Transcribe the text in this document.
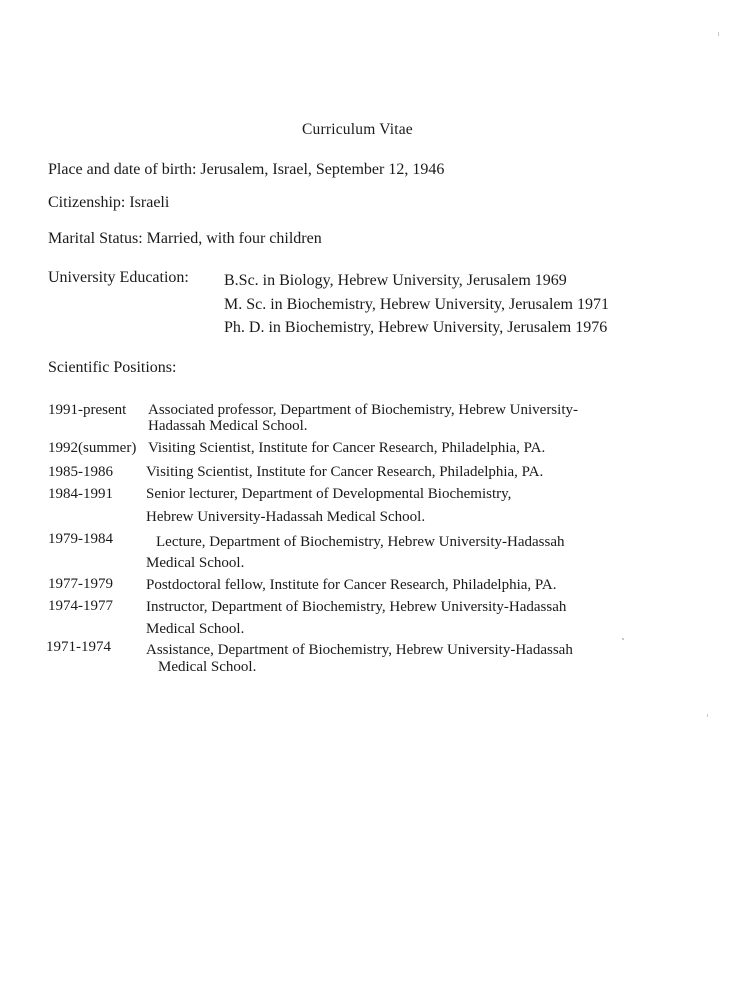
Curriculum Vitae
Place and date of birth: Jerusalem, Israel, September 12, 1946
Citizenship: Israeli
Marital Status: Married, with four children
University Education: B.Sc. in Biology, Hebrew University, Jerusalem 1969
M. Sc. in Biochemistry, Hebrew University, Jerusalem 1971
Ph. D. in Biochemistry, Hebrew University, Jerusalem 1976
Scientific Positions:
1991-present Associated professor, Department of Biochemistry, Hebrew University-
Hadassah Medical School.
1992(summer) Visiting Scientist, Institute for Cancer Research, Philadelphia, PA.
1985-1986 Visiting Scientist, Institute for Cancer Research, Philadelphia, PA.
1984-1991 Senior lecturer, Department of Developmental Biochemistry,
Hebrew University-Hadassah Medical School.
1979-1984	Lecture, Department of Biochemistry, Hebrew University-Hadassah
Medical School.
1977-1979 Postdoctoral fellow, Institute for Cancer Research, Philadelphia, PA.
1974-1977 Instructor, Department of Biochemistry, Hebrew University-Hadassah
Medical School.
1971-1974 Assistance, Department of Biochemistry, Hebrew University-Hadassah
Medical School.
